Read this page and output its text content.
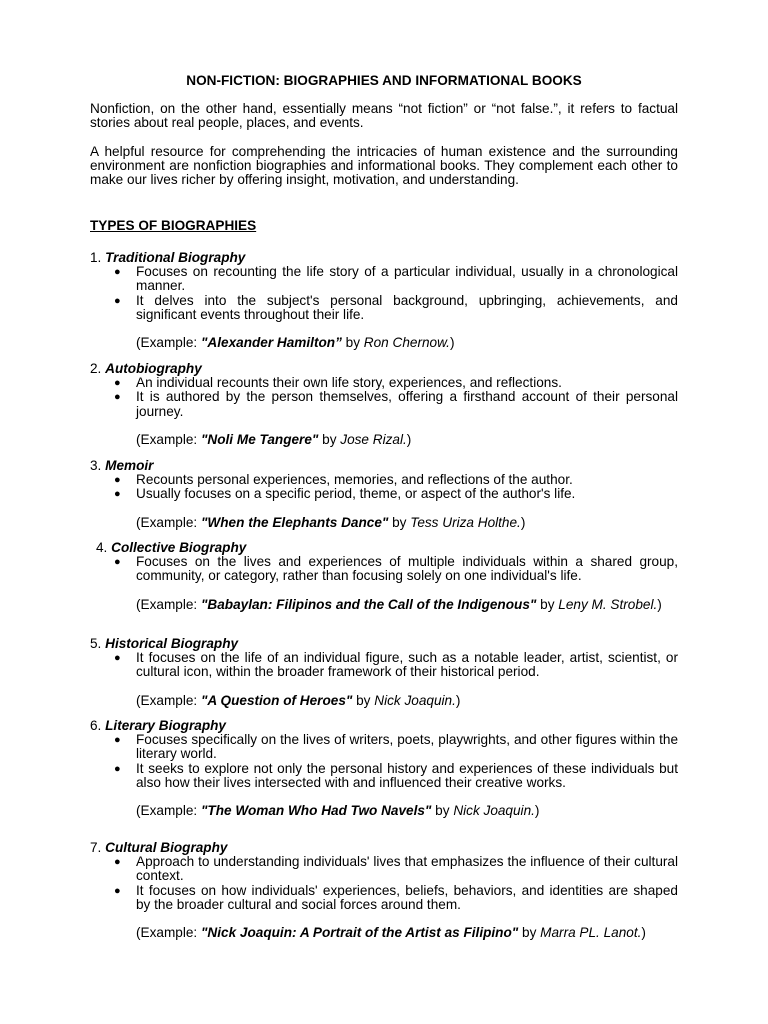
NON-FICTION: BIOGRAPHIES AND INFORMATIONAL BOOKS
Nonfiction, on the other hand, essentially means “not fiction” or “not false.”, it refers to factual stories about real people, places, and events.
A helpful resource for comprehending the intricacies of human existence and the surrounding environment are nonfiction biographies and informational books. They complement each other to make our lives richer by offering insight, motivation, and understanding.
TYPES OF BIOGRAPHIES
1. Traditional Biography
● Focuses on recounting the life story of a particular individual, usually in a chronological manner.
● It delves into the subject's personal background, upbringing, achievements, and significant events throughout their life.
(Example: "Alexander Hamilton” by Ron Chernow.)
2. Autobiography
● An individual recounts their own life story, experiences, and reflections.
● It is authored by the person themselves, offering a firsthand account of their personal journey.
(Example: "Noli Me Tangere" by Jose Rizal.)
3. Memoir
● Recounts personal experiences, memories, and reflections of the author.
● Usually focuses on a specific period, theme, or aspect of the author's life.
(Example: "When the Elephants Dance" by Tess Uriza Holthe.)
4. Collective Biography
● Focuses on the lives and experiences of multiple individuals within a shared group, community, or category, rather than focusing solely on one individual's life.
(Example: "Babaylan: Filipinos and the Call of the Indigenous" by Leny M. Strobel.)
5. Historical Biography
● It focuses on the life of an individual figure, such as a notable leader, artist, scientist, or cultural icon, within the broader framework of their historical period.
(Example: "A Question of Heroes" by Nick Joaquin.)
6. Literary Biography
● Focuses specifically on the lives of writers, poets, playwrights, and other figures within the literary world.
● It seeks to explore not only the personal history and experiences of these individuals but also how their lives intersected with and influenced their creative works.
(Example: "The Woman Who Had Two Navels" by Nick Joaquin.)
7. Cultural Biography
● Approach to understanding individuals' lives that emphasizes the influence of their cultural context.
● It focuses on how individuals' experiences, beliefs, behaviors, and identities are shaped by the broader cultural and social forces around them.
(Example: "Nick Joaquin: A Portrait of the Artist as Filipino" by Marra PL. Lanot.)
